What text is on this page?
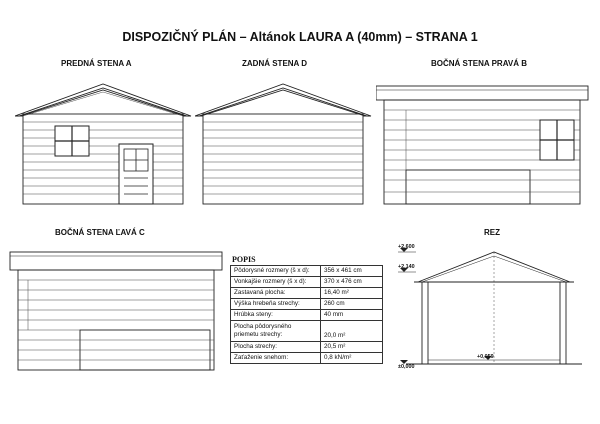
DISPOZIČNÝ PLÁN – Altánok LAURA A (40mm) – STRANA 1
PREDNÁ STENA A	ZADNÁ STENA D	BOČNÁ STENA PRAVÁ B
BOČNÁ STENA ĽAVÁ C	REZ
POPIS
Pôdorysné rozmery (š x d):	356 x 461 cm
Vonkajšie rozmery (š x d):	370 x 476 cm
Zastavaná plocha:	16,40 m²
Výška hrebeňa strechy:	260 cm
Hrúbka steny:	40 mm
Plocha pôdorysného priemetu strechy:	20,0 m²
Plocha strechy:	20,5 m²
Zaťaženie snehom:	0,8 kN/m²
+2,600
+2,140
+0,059
±0,000
